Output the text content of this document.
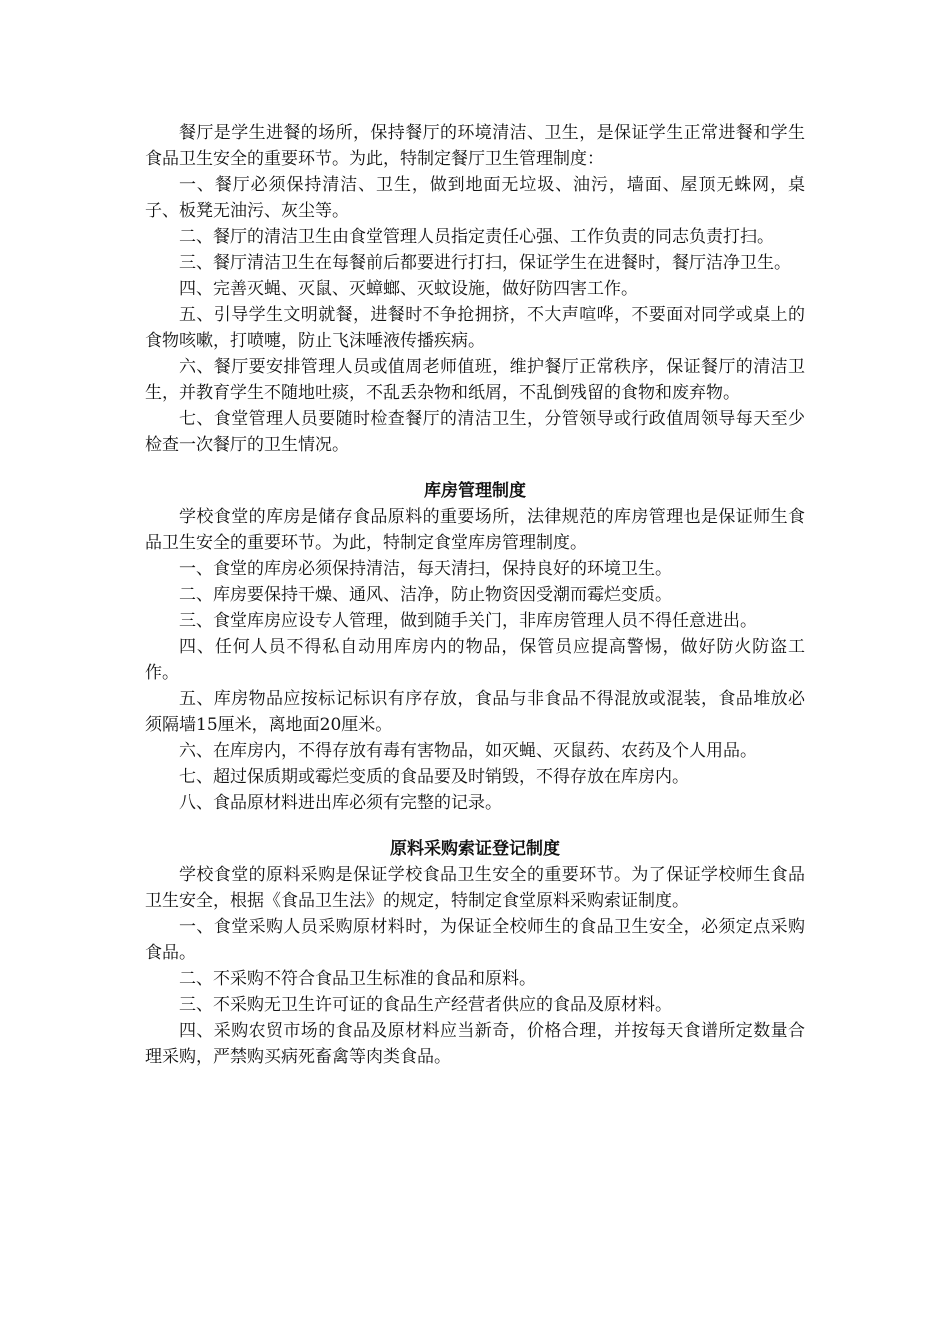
餐厅是学生进餐的场所，保持餐厅的环境清洁、卫生，是保证学生正常进餐和学生食品卫生安全的重要环节。为此，特制定餐厅卫生管理制度：

一、餐厅必须保持清洁、卫生，做到地面无垃圾、油污，墙面、屋顶无蛛网，桌子、板凳无油污、灰尘等。

二、餐厅的清洁卫生由食堂管理人员指定责任心强、工作负责的同志负责打扫。

三、餐厅清洁卫生在每餐前后都要进行打扫，保证学生在进餐时，餐厅洁净卫生。

四、完善灭蝇、灭鼠、灭蟑螂、灭蚊设施，做好防四害工作。

五、引导学生文明就餐，进餐时不争抢拥挤，不大声喧哗，不要面对同学或桌上的食物咳嗽，打喷嚏，防止飞沫唾液传播疾病。

六、餐厅要安排管理人员或值周老师值班，维护餐厅正常秩序，保证餐厅的清洁卫生，并教育学生不随地吐痰，不乱丢杂物和纸屑，不乱倒残留的食物和废弃物。

七、食堂管理人员要随时检查餐厅的清洁卫生，分管领导或行政值周领导每天至少检查一次餐厅的卫生情况。

库房管理制度

学校食堂的库房是储存食品原料的重要场所，法律规范的库房管理也是保证师生食品卫生安全的重要环节。为此，特制定食堂库房管理制度。

一、食堂的库房必须保持清洁，每天清扫，保持良好的环境卫生。

二、库房要保持干燥、通风、洁净，防止物资因受潮而霉烂变质。

三、食堂库房应设专人管理，做到随手关门，非库房管理人员不得任意进出。

四、任何人员不得私自动用库房内的物品，保管员应提高警惕，做好防火防盗工作。

五、库房物品应按标记标识有序存放，食品与非食品不得混放或混装，食品堆放必须隔墙15厘米，离地面20厘米。

六、在库房内，不得存放有毒有害物品，如灭蝇、灭鼠药、农药及个人用品。

七、超过保质期或霉烂变质的食品要及时销毁，不得存放在库房内。

八、食品原材料进出库必须有完整的记录。

原料采购索证登记制度

学校食堂的原料采购是保证学校食品卫生安全的重要环节。为了保证学校师生食品卫生安全，根据《食品卫生法》的规定，特制定食堂原料采购索证制度。

一、食堂采购人员采购原材料时，为保证全校师生的食品卫生安全，必须定点采购食品。

二、不采购不符合食品卫生标准的食品和原料。

三、不采购无卫生许可证的食品生产经营者供应的食品及原材料。

四、采购农贸市场的食品及原材料应当新奇，价格合理，并按每天食谱所定数量合理采购，严禁购买病死畜禽等肉类食品。
